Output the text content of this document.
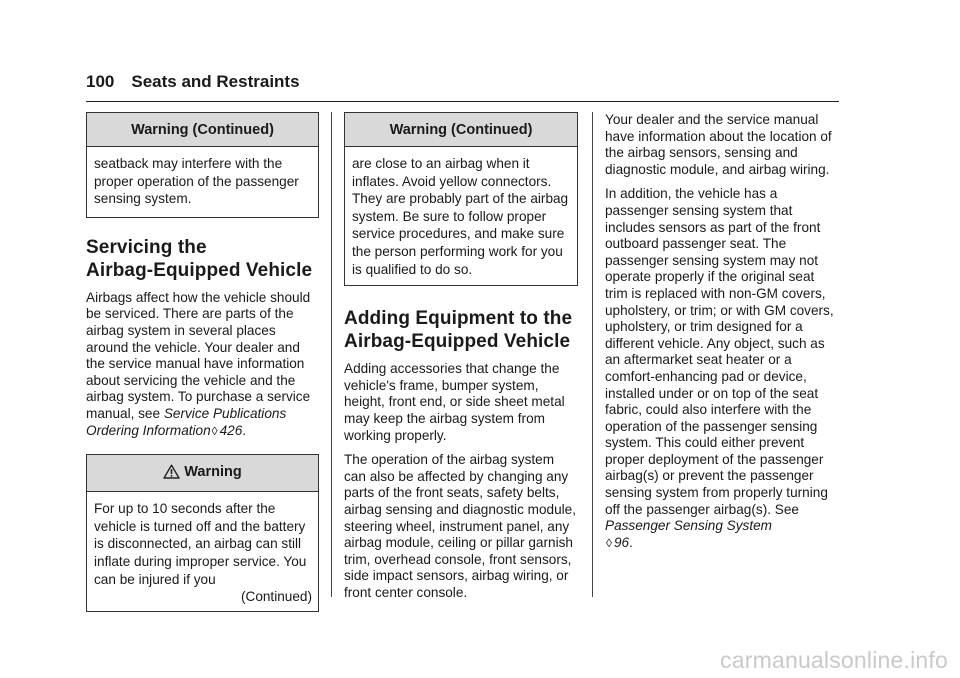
100 Seats and Restraints
Warning (Continued)
seatback may interfere with the proper operation of the passenger sensing system.
Servicing the
Airbag-Equipped Vehicle

Airbags affect how the vehicle should be serviced. There are parts of the airbag system in several places around the vehicle. Your dealer and the service manual have information about servicing the vehicle and the airbag system. To purchase a service manual, see Service Publications Ordering Information◊ 426.

Warning
For up to 10 seconds after the vehicle is turned off and the battery is disconnected, an airbag can still inflate during improper service. You can be injured if you
(Continued)
Warning (Continued)
are close to an airbag when it inflates. Avoid yellow connectors. They are probably part of the airbag system. Be sure to follow proper service procedures, and make sure the person performing work for you is qualified to do so.
Adding Equipment to the
Airbag-Equipped Vehicle

Adding accessories that change the vehicle's frame, bumper system, height, front end, or side sheet metal may keep the airbag system from working properly.

The operation of the airbag system can also be affected by changing any parts of the front seats, safety belts, airbag sensing and diagnostic module, steering wheel, instrument panel, any airbag module, ceiling or pillar garnish trim, overhead console, front sensors, side impact sensors, airbag wiring, or front center console.

Your dealer and the service manual have information about the location of the airbag sensors, sensing and diagnostic module, and airbag wiring.

In addition, the vehicle has a passenger sensing system that includes sensors as part of the front outboard passenger seat. The passenger sensing system may not operate properly if the original seat trim is replaced with non-GM covers, upholstery, or trim; or with GM covers, upholstery, or trim designed for a different vehicle. Any object, such as an aftermarket seat heater or a comfort-enhancing pad or device, installed under or on top of the seat fabric, could also interfere with the operation of the passenger sensing system. This could either prevent proper deployment of the passenger airbag(s) or prevent the passenger sensing system from properly turning off the passenger airbag(s). See Passenger Sensing System
◊ 96.

carmanualsonline.info
